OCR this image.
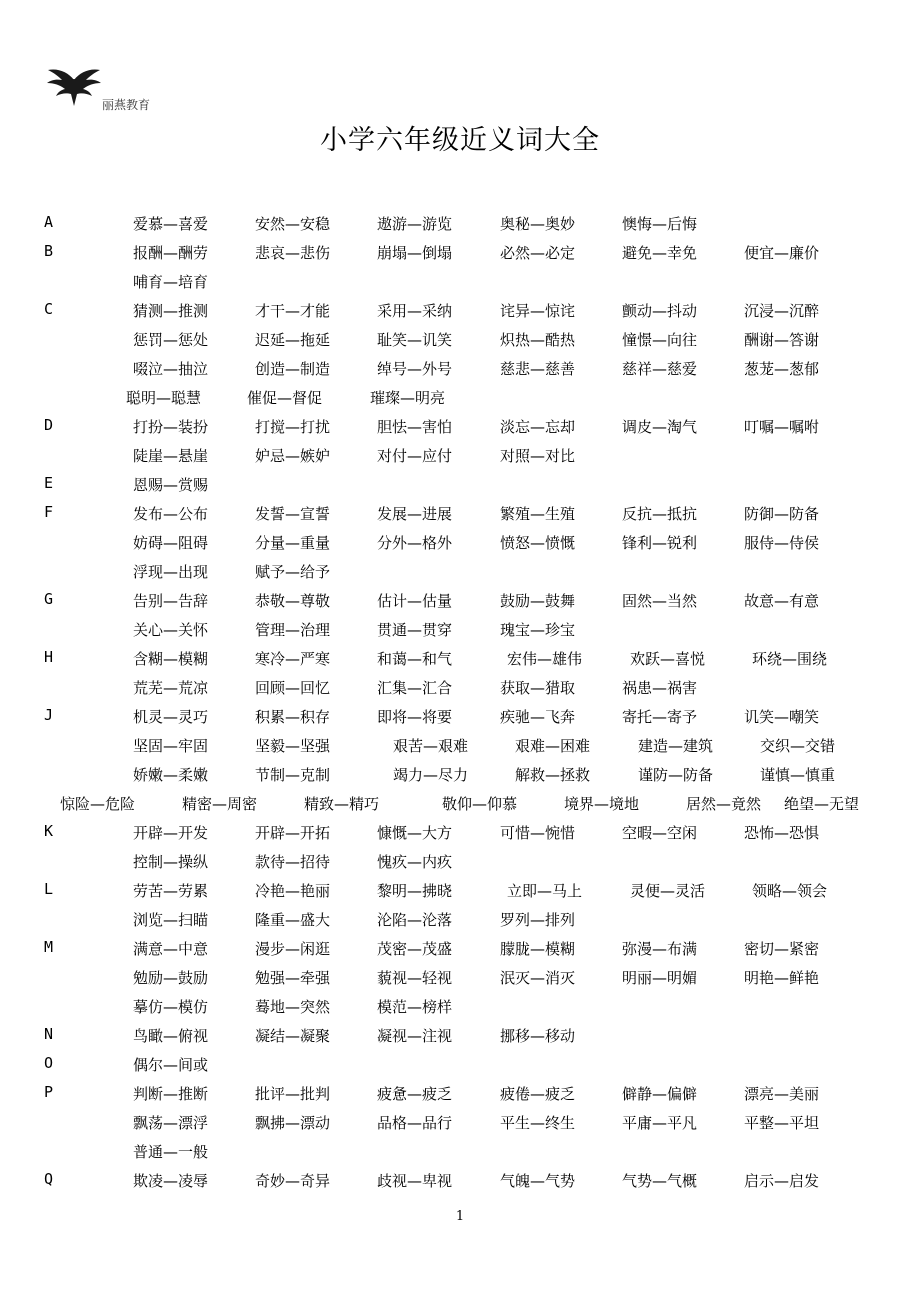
丽燕教育
小学六年级近义词大全
A	爱慕—喜爱	安然—安稳	遨游—游览	奥秘—奥妙	懊悔—后悔
B	报酬—酬劳	悲哀—悲伤	崩塌—倒塌	必然—必定	避免—幸免	便宜—廉价
哺育—培育
C	猜测—推测	才干—才能	采用—采纳	诧异—惊诧	颤动—抖动	沉浸—沉醉
惩罚—惩处	迟延—拖延	耻笑—讥笑	炽热—酷热	憧憬—向往	酬谢—答谢
啜泣—抽泣	创造—制造	绰号—外号	慈悲—慈善	慈祥—慈爱	葱茏—葱郁
聪明—聪慧	催促—督促	璀璨—明亮
D	打扮—装扮	打搅—打扰	胆怯—害怕	淡忘—忘却	调皮—淘气	叮嘱—嘱咐
陡崖—悬崖	妒忌—嫉妒	对付—应付	对照—对比
E	恩赐—赏赐
F	发布—公布	发誓—宣誓	发展—进展	繁殖—生殖	反抗—抵抗	防御—防备
妨碍—阻碍	分量—重量	分外—格外	愤怒—愤慨	锋利—锐利	服侍—侍侯
浮现—出现	赋予—给予
G	告别—告辞	恭敬—尊敬	估计—估量	鼓励—鼓舞	固然—当然	故意—有意
关心—关怀	管理—治理	贯通—贯穿	瑰宝—珍宝
H	含糊—模糊	寒冷—严寒	和蔼—和气	宏伟—雄伟	欢跃—喜悦	环绕—围绕
荒芜—荒凉	回顾—回忆	汇集—汇合	获取—猎取	祸患—祸害
J	机灵—灵巧	积累—积存	即将—将要	疾驰—飞奔	寄托—寄予	讥笑—嘲笑
坚固—牢固	坚毅—坚强	艰苦—艰难	艰难—困难	建造—建筑	交织—交错
娇嫩—柔嫩	节制—克制	竭力—尽力	解救—拯救	谨防—防备	谨慎—慎重
惊险—危险	精密—周密	精致—精巧	敬仰—仰慕	境界—境地	居然—竟然 绝望—无望
K	开辟—开发	开辟—开拓	慷慨—大方	可惜—惋惜	空暇—空闲	恐怖—恐惧
控制—操纵	款待—招待	愧疚—内疚
L	劳苦—劳累	冷艳—艳丽	黎明—拂晓	立即—马上	灵便—灵活	领略—领会
浏览—扫瞄	隆重—盛大	沦陷—沦落	罗列—排列
M	满意—中意	漫步—闲逛	茂密—茂盛	朦胧—模糊	弥漫—布满	密切—紧密
勉励—鼓励	勉强—牵强	藐视—轻视	泯灭—消灭	明丽—明媚	明艳—鲜艳
摹仿—模仿	蓦地—突然	模范—榜样
N	鸟瞰—俯视	凝结—凝聚	凝视—注视	挪移—移动
O	偶尔—间或
P	判断—推断	批评—批判	疲惫—疲乏	疲倦—疲乏	僻静—偏僻	漂亮—美丽
飘荡—漂浮	飘拂—漂动	品格—品行	平生—终生	平庸—平凡	平整—平坦
普通—一般
Q	欺凌—凌辱	奇妙—奇异	歧视—卑视	气魄—气势	气势—气概	启示—启发
1
